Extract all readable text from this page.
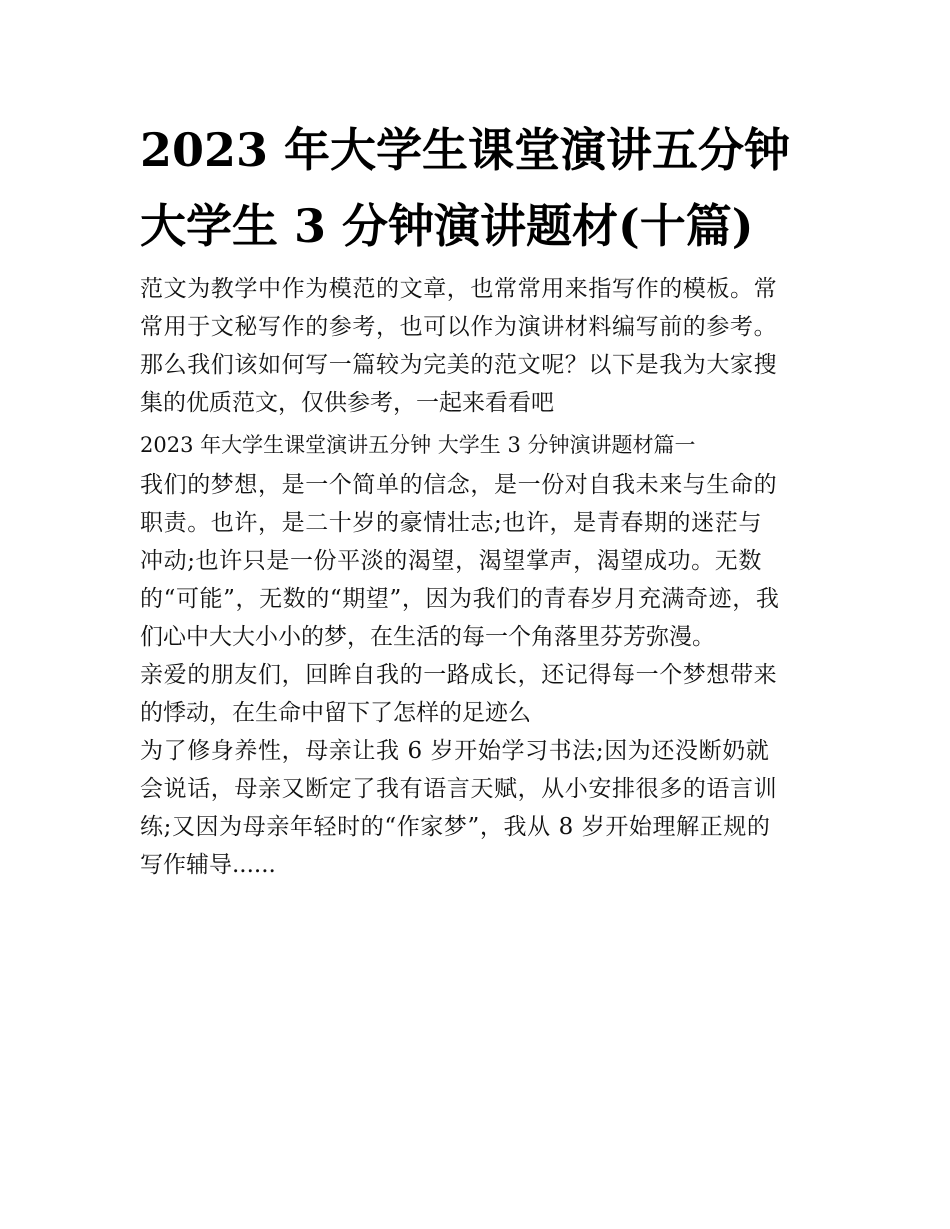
2023 年大学生课堂演讲五分钟
大学生 3 分钟演讲题材(十篇)
范文为教学中作为模范的文章，也常常用来指写作的模板。常
常用于文秘写作的参考，也可以作为演讲材料编写前的参考。
那么我们该如何写一篇较为完美的范文呢？以下是我为大家搜
集的优质范文，仅供参考，一起来看看吧
2023 年大学生课堂演讲五分钟 大学生 3 分钟演讲题材篇一
我们的梦想，是一个简单的信念，是一份对自我未来与生命的
职责。也许，是二十岁的豪情壮志;也许，是青春期的迷茫与
冲动;也许只是一份平淡的渴望，渴望掌声，渴望成功。无数
的“可能”，无数的“期望”，因为我们的青春岁月充满奇迹，我
们心中大大小小的梦，在生活的每一个角落里芬芳弥漫。
亲爱的朋友们，回眸自我的一路成长，还记得每一个梦想带来
的悸动，在生命中留下了怎样的足迹么
为了修身养性，母亲让我 6 岁开始学习书法;因为还没断奶就
会说话，母亲又断定了我有语言天赋，从小安排很多的语言训
练;又因为母亲年轻时的“作家梦”，我从 8 岁开始理解正规的
写作辅导......
